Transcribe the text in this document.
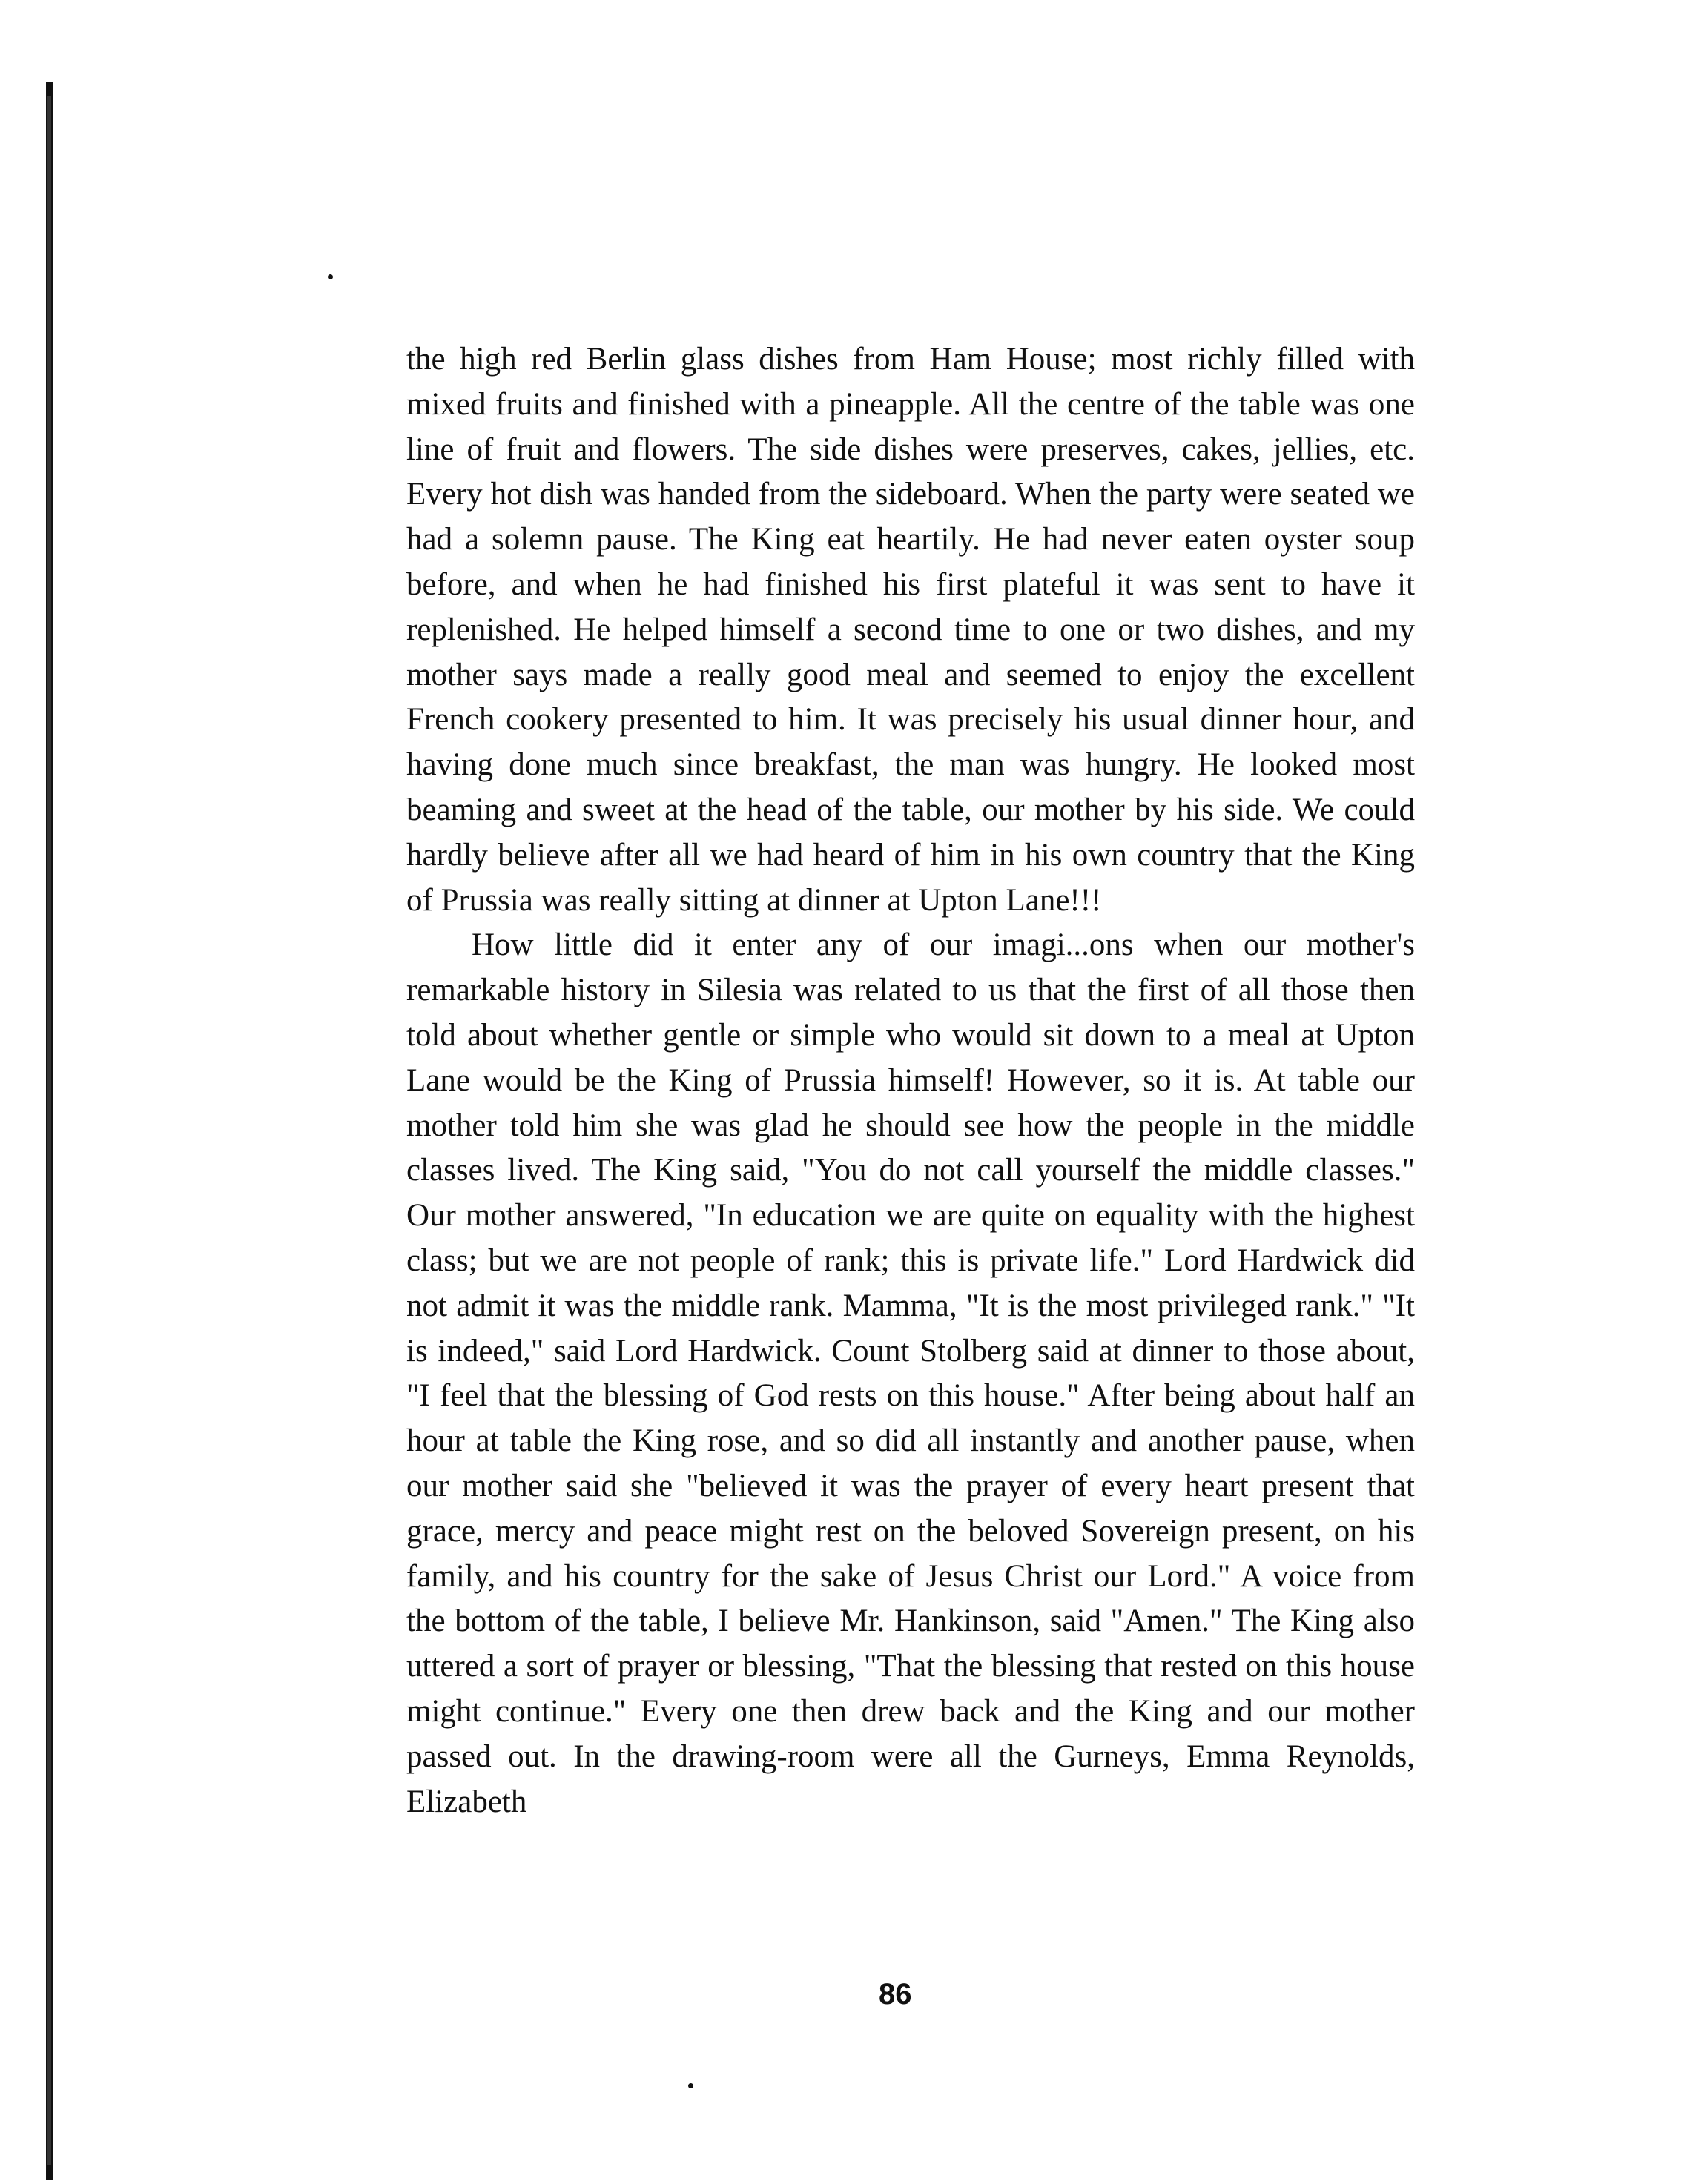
the high red Berlin glass dishes from Ham House; most richly filled with mixed fruits and finished with a pineapple. All the centre of the table was one line of fruit and flowers. The side dishes were preserves, cakes, jellies, etc. Every hot dish was handed from the sideboard. When the party were seated we had a solemn pause. The King eat heartily. He had never eaten oyster soup before, and when he had finished his first plateful it was sent to have it replenished. He helped himself a second time to one or two dishes, and my mother says made a really good meal and seemed to enjoy the excellent French cookery presented to him. It was precisely his usual dinner hour, and having done much since breakfast, the man was hungry. He looked most beaming and sweet at the head of the table, our mother by his side. We could hardly believe after all we had heard of him in his own country that the King of Prussia was really sitting at dinner at Upton Lane!!!

How little did it enter any of our imagi...ons when our mother's remarkable history in Silesia was related to us that the first of all those then told about whether gentle or simple who would sit down to a meal at Upton Lane would be the King of Prussia himself! However, so it is. At table our mother told him she was glad he should see how the people in the middle classes lived. The King said, "You do not call yourself the middle classes." Our mother answered, "In education we are quite on equality with the highest class; but we are not people of rank; this is private life." Lord Hardwick did not admit it was the middle rank. Mamma, "It is the most privileged rank." "It is indeed," said Lord Hardwick. Count Stolberg said at dinner to those about, "I feel that the blessing of God rests on this house." After being about half an hour at table the King rose, and so did all instantly and another pause, when our mother said she "believed it was the prayer of every heart present that grace, mercy and peace might rest on the beloved Sovereign present, on his family, and his country for the sake of Jesus Christ our Lord." A voice from the bottom of the table, I believe Mr. Hankinson, said "Amen." The King also uttered a sort of prayer or blessing, "That the blessing that rested on this house might continue." Every one then drew back and the King and our mother passed out. In the drawing-room were all the Gurneys, Emma Reynolds, Elizabeth

86
